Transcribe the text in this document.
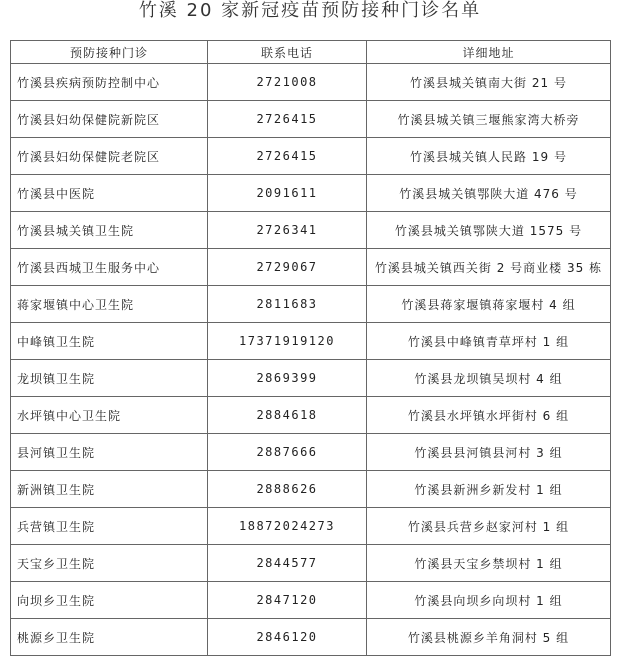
竹溪 20 家新冠疫苗预防接种门诊名单
预防接种门诊	联系电话	详细地址
竹溪县疾病预防控制中心	2721008	竹溪县城关镇南大街 21 号
竹溪县妇幼保健院新院区	2726415	竹溪县城关镇三堰熊家湾大桥旁
竹溪县妇幼保健院老院区	2726415	竹溪县城关镇人民路 19 号
竹溪县中医院	2091611	竹溪县城关镇鄂陕大道 476 号
竹溪县城关镇卫生院	2726341	竹溪县城关镇鄂陕大道 1575 号
竹溪县西城卫生服务中心	2729067	竹溪县城关镇西关街 2 号商业楼 35 栋
蒋家堰镇中心卫生院	2811683	竹溪县蒋家堰镇蒋家堰村 4 组
中峰镇卫生院	17371919120	竹溪县中峰镇青草坪村 1 组
龙坝镇卫生院	2869399	竹溪县龙坝镇吴坝村 4 组
水坪镇中心卫生院	2884618	竹溪县水坪镇水坪街村 6 组
县河镇卫生院	2887666	竹溪县县河镇县河村 3 组
新洲镇卫生院	2888626	竹溪县新洲乡新发村 1 组
兵营镇卫生院	18872024273	竹溪县兵营乡赵家河村 1 组
天宝乡卫生院	2844577	竹溪县天宝乡禁坝村 1 组
向坝乡卫生院	2847120	竹溪县向坝乡向坝村 1 组
桃源乡卫生院	2846120	竹溪县桃源乡羊角洞村 5 组
